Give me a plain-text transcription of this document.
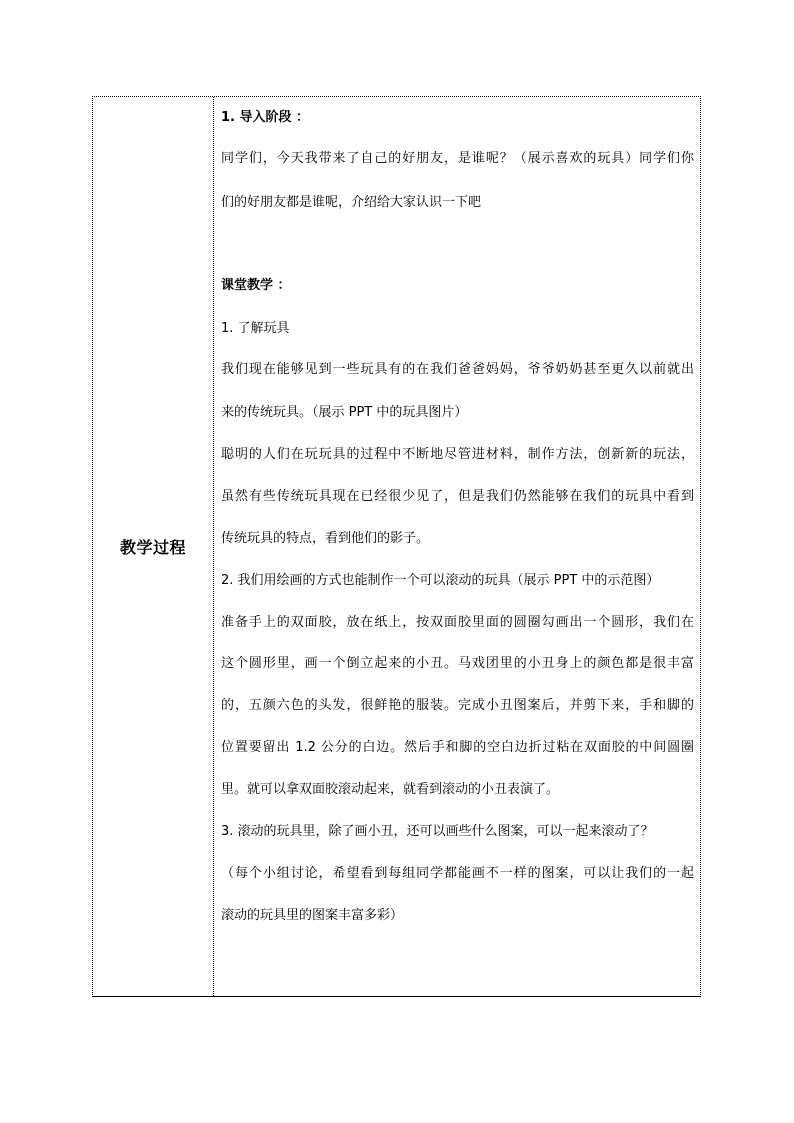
教学过程
1. 导入阶段 ：
同学们，今天我带来了自己的好朋友，是谁呢？（展示喜欢的玩具）同学们你
们的好朋友都是谁呢，介绍给大家认识一下吧
课堂教学 ：
1. 了解玩具
我们现在能够见到一些玩具有的在我们爸爸妈妈，爷爷奶奶甚至更久以前就出
来的传统玩具。（展示 PPT 中的玩具图片）
聪明的人们在玩玩具的过程中不断地尽管进材料，制作方法，创新新的玩法，
虽然有些传统玩具现在已经很少见了，但是我们仍然能够在我们的玩具中看到
传统玩具的特点，看到他们的影子。
2. 我们用绘画的方式也能制作一个可以滚动的玩具（展示 PPT 中的示范图）
准备手上的双面胶，放在纸上，按双面胶里面的圆圈勾画出一个圆形，我们在
这个圆形里，画一个倒立起来的小丑。马戏团里的小丑身上的颜色都是很丰富
的，五颜六色的头发，很鲜艳的服装。完成小丑图案后，并剪下来，手和脚的
位置要留出 1.2 公分的白边。然后手和脚的空白边折过粘在双面胶的中间圆圈
里。就可以拿双面胶滚动起来，就看到滚动的小丑表演了。
3. 滚动的玩具里，除了画小丑，还可以画些什么图案，可以一起来滚动了？
（每个小组讨论，希望看到每组同学都能画不一样的图案，可以让我们的一起
滚动的玩具里的图案丰富多彩）
